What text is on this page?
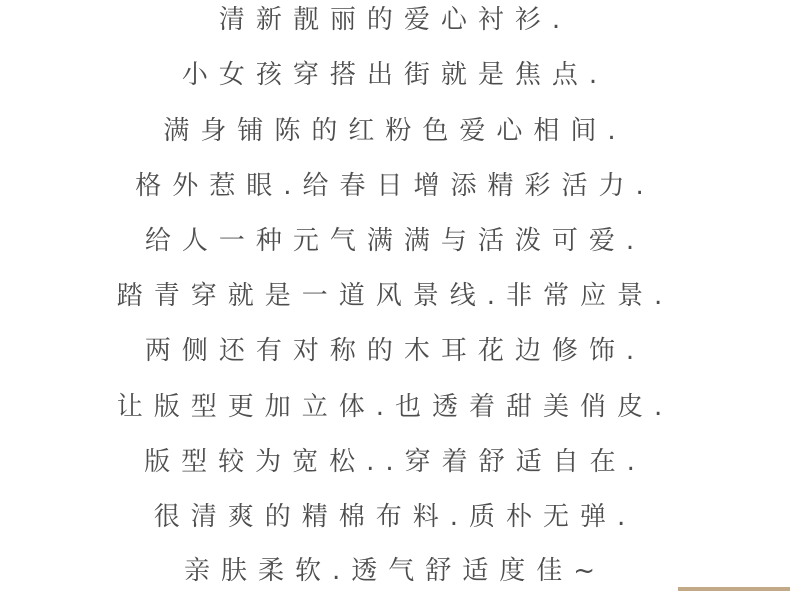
清新靓丽的爱心衬衫.
小女孩穿搭出街就是焦点.
满身铺陈的红粉色爱心相间.
格外惹眼.给春日增添精彩活力.
给人一种元气满满与活泼可爱.
踏青穿就是一道风景线.非常应景.
两侧还有对称的木耳花边修饰.
让版型更加立体.也透着甜美俏皮.
版型较为宽松..穿着舒适自在.
很清爽的精棉布料.质朴无弹.
亲肤柔软.透气舒适度佳~
